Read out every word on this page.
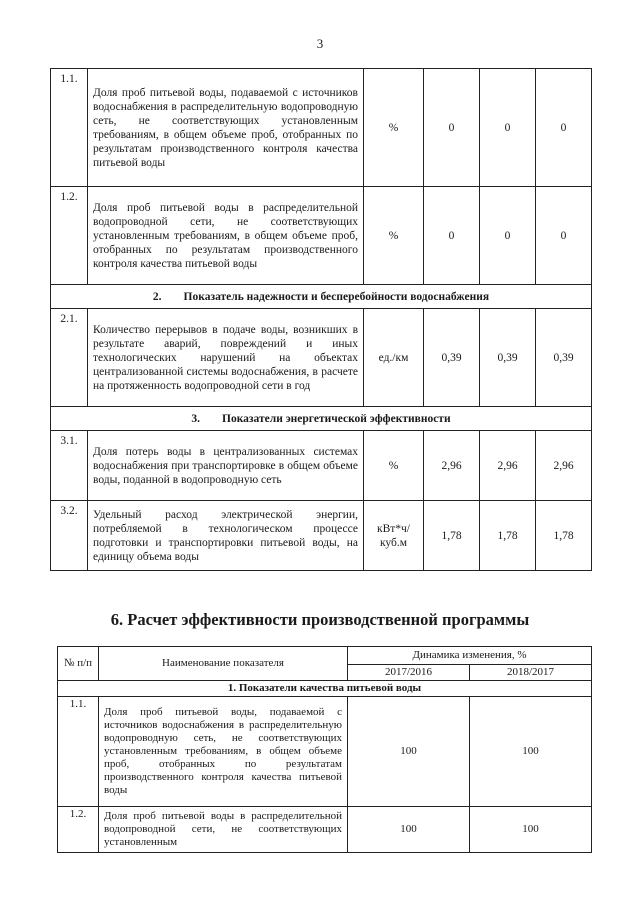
3
1.1.	Доля проб питьевой воды, подаваемой с источников водоснабжения в распределительную водопроводную сеть, не соответствующих установленным требованиям, в общем объеме проб, отобранных по результатам производственного контроля качества питьевой воды	%	0	0	0
1.2.	Доля проб питьевой воды в распределительной водопроводной сети, не соответствующих установленным требованиям, в общем объеме проб, отобранных по результатам производственного контроля качества питьевой воды	%	0	0	0
2. Показатель надежности и бесперебойности водоснабжения					
2.1.	Количество перерывов в подаче воды, возникших в результате аварий, повреждений и иных технологических нарушений на объектах централизованной системы водоснабжения, в расчете на протяженность водопроводной сети в год	ед./км	0,39	0,39	0,39
3. Показатели энергетической эффективности					
3.1.	Доля потерь воды в централизованных системах водоснабжения при транспортировке в общем объеме воды, поданной в водопроводную сеть	%	2,96	2,96	2,96
3.2.	Удельный расход электрической энергии, потребляемой в технологическом процессе подготовки и транспортировки питьевой воды, на единицу объема воды	кВт*ч/ куб.м	1,78	1,78	1,78
6. Расчет эффективности производственной программы
№ п/п	Наименование показателя	Динамика изменения, %	
		2017/2016	2018/2017
1. Показатели качества питьевой воды			
1.1.	Доля проб питьевой воды, подаваемой с источников водоснабжения в распределительную водопроводную сеть, не соответствующих установленным требованиям, в общем объеме проб, отобранных по результатам производственного контроля качества питьевой воды	100	100
1.2.	Доля проб питьевой воды в распределительной водопроводной сети, не соответствующих установленным	100	100
